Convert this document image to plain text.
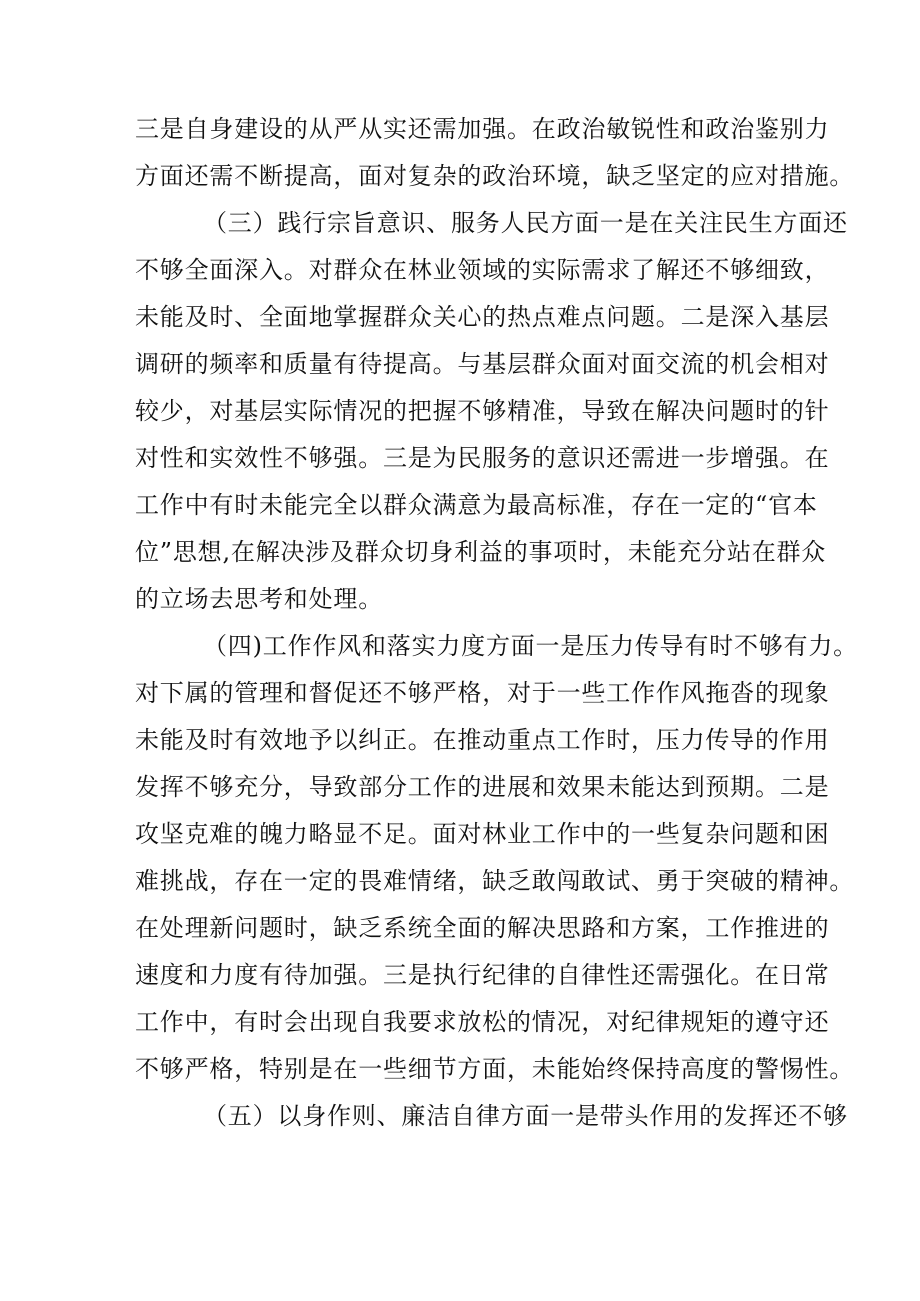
三是自身建设的从严从实还需加强。在政治敏锐性和政治鉴别力
方面还需不断提高，面对复杂的政治环境，缺乏坚定的应对措施。
（三）践行宗旨意识、服务人民方面一是在关注民生方面还
不够全面深入。对群众在林业领域的实际需求了解还不够细致，
未能及时、全面地掌握群众关心的热点难点问题。二是深入基层
调研的频率和质量有待提高。与基层群众面对面交流的机会相对
较少，对基层实际情况的把握不够精准，导致在解决问题时的针
对性和实效性不够强。三是为民服务的意识还需进一步增强。在
工作中有时未能完全以群众满意为最高标准，存在一定的“官本
位”思想,在解决涉及群众切身利益的事项时，未能充分站在群众
的立场去思考和处理。
（四)工作作风和落实力度方面一是压力传导有时不够有力。
对下属的管理和督促还不够严格，对于一些工作作风拖沓的现象
未能及时有效地予以纠正。在推动重点工作时，压力传导的作用
发挥不够充分，导致部分工作的进展和效果未能达到预期。二是
攻坚克难的魄力略显不足。面对林业工作中的一些复杂问题和困
难挑战，存在一定的畏难情绪，缺乏敢闯敢试、勇于突破的精神。
在处理新问题时，缺乏系统全面的解决思路和方案，工作推进的
速度和力度有待加强。三是执行纪律的自律性还需强化。在日常
工作中，有时会出现自我要求放松的情况，对纪律规矩的遵守还
不够严格，特别是在一些细节方面，未能始终保持高度的警惕性。
（五）以身作则、廉洁自律方面一是带头作用的发挥还不够
